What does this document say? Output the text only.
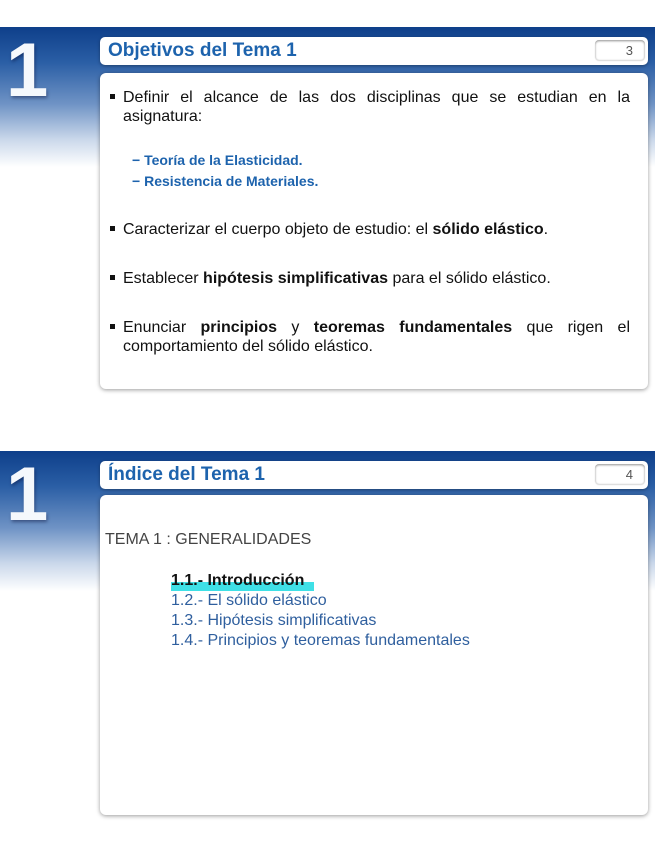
1	Objetivos del Tema 1	3
Definir el alcance de las dos disciplinas que se estudian en la
asignatura:
− Teoría de la Elasticidad.
− Resistencia de Materiales.
Caracterizar el cuerpo objeto de estudio: el sólido elástico.
Establecer hipótesis simplificativas para el sólido elástico.
Enunciar principios y teoremas fundamentales que rigen el
comportamiento del sólido elástico.
1	Índice del Tema 1	4
TEMA 1 : GENERALIDADES
1.1.- Introducción
1.2.- El sólido elástico
1.3.- Hipótesis simplificativas
1.4.- Principios y teoremas fundamentales
